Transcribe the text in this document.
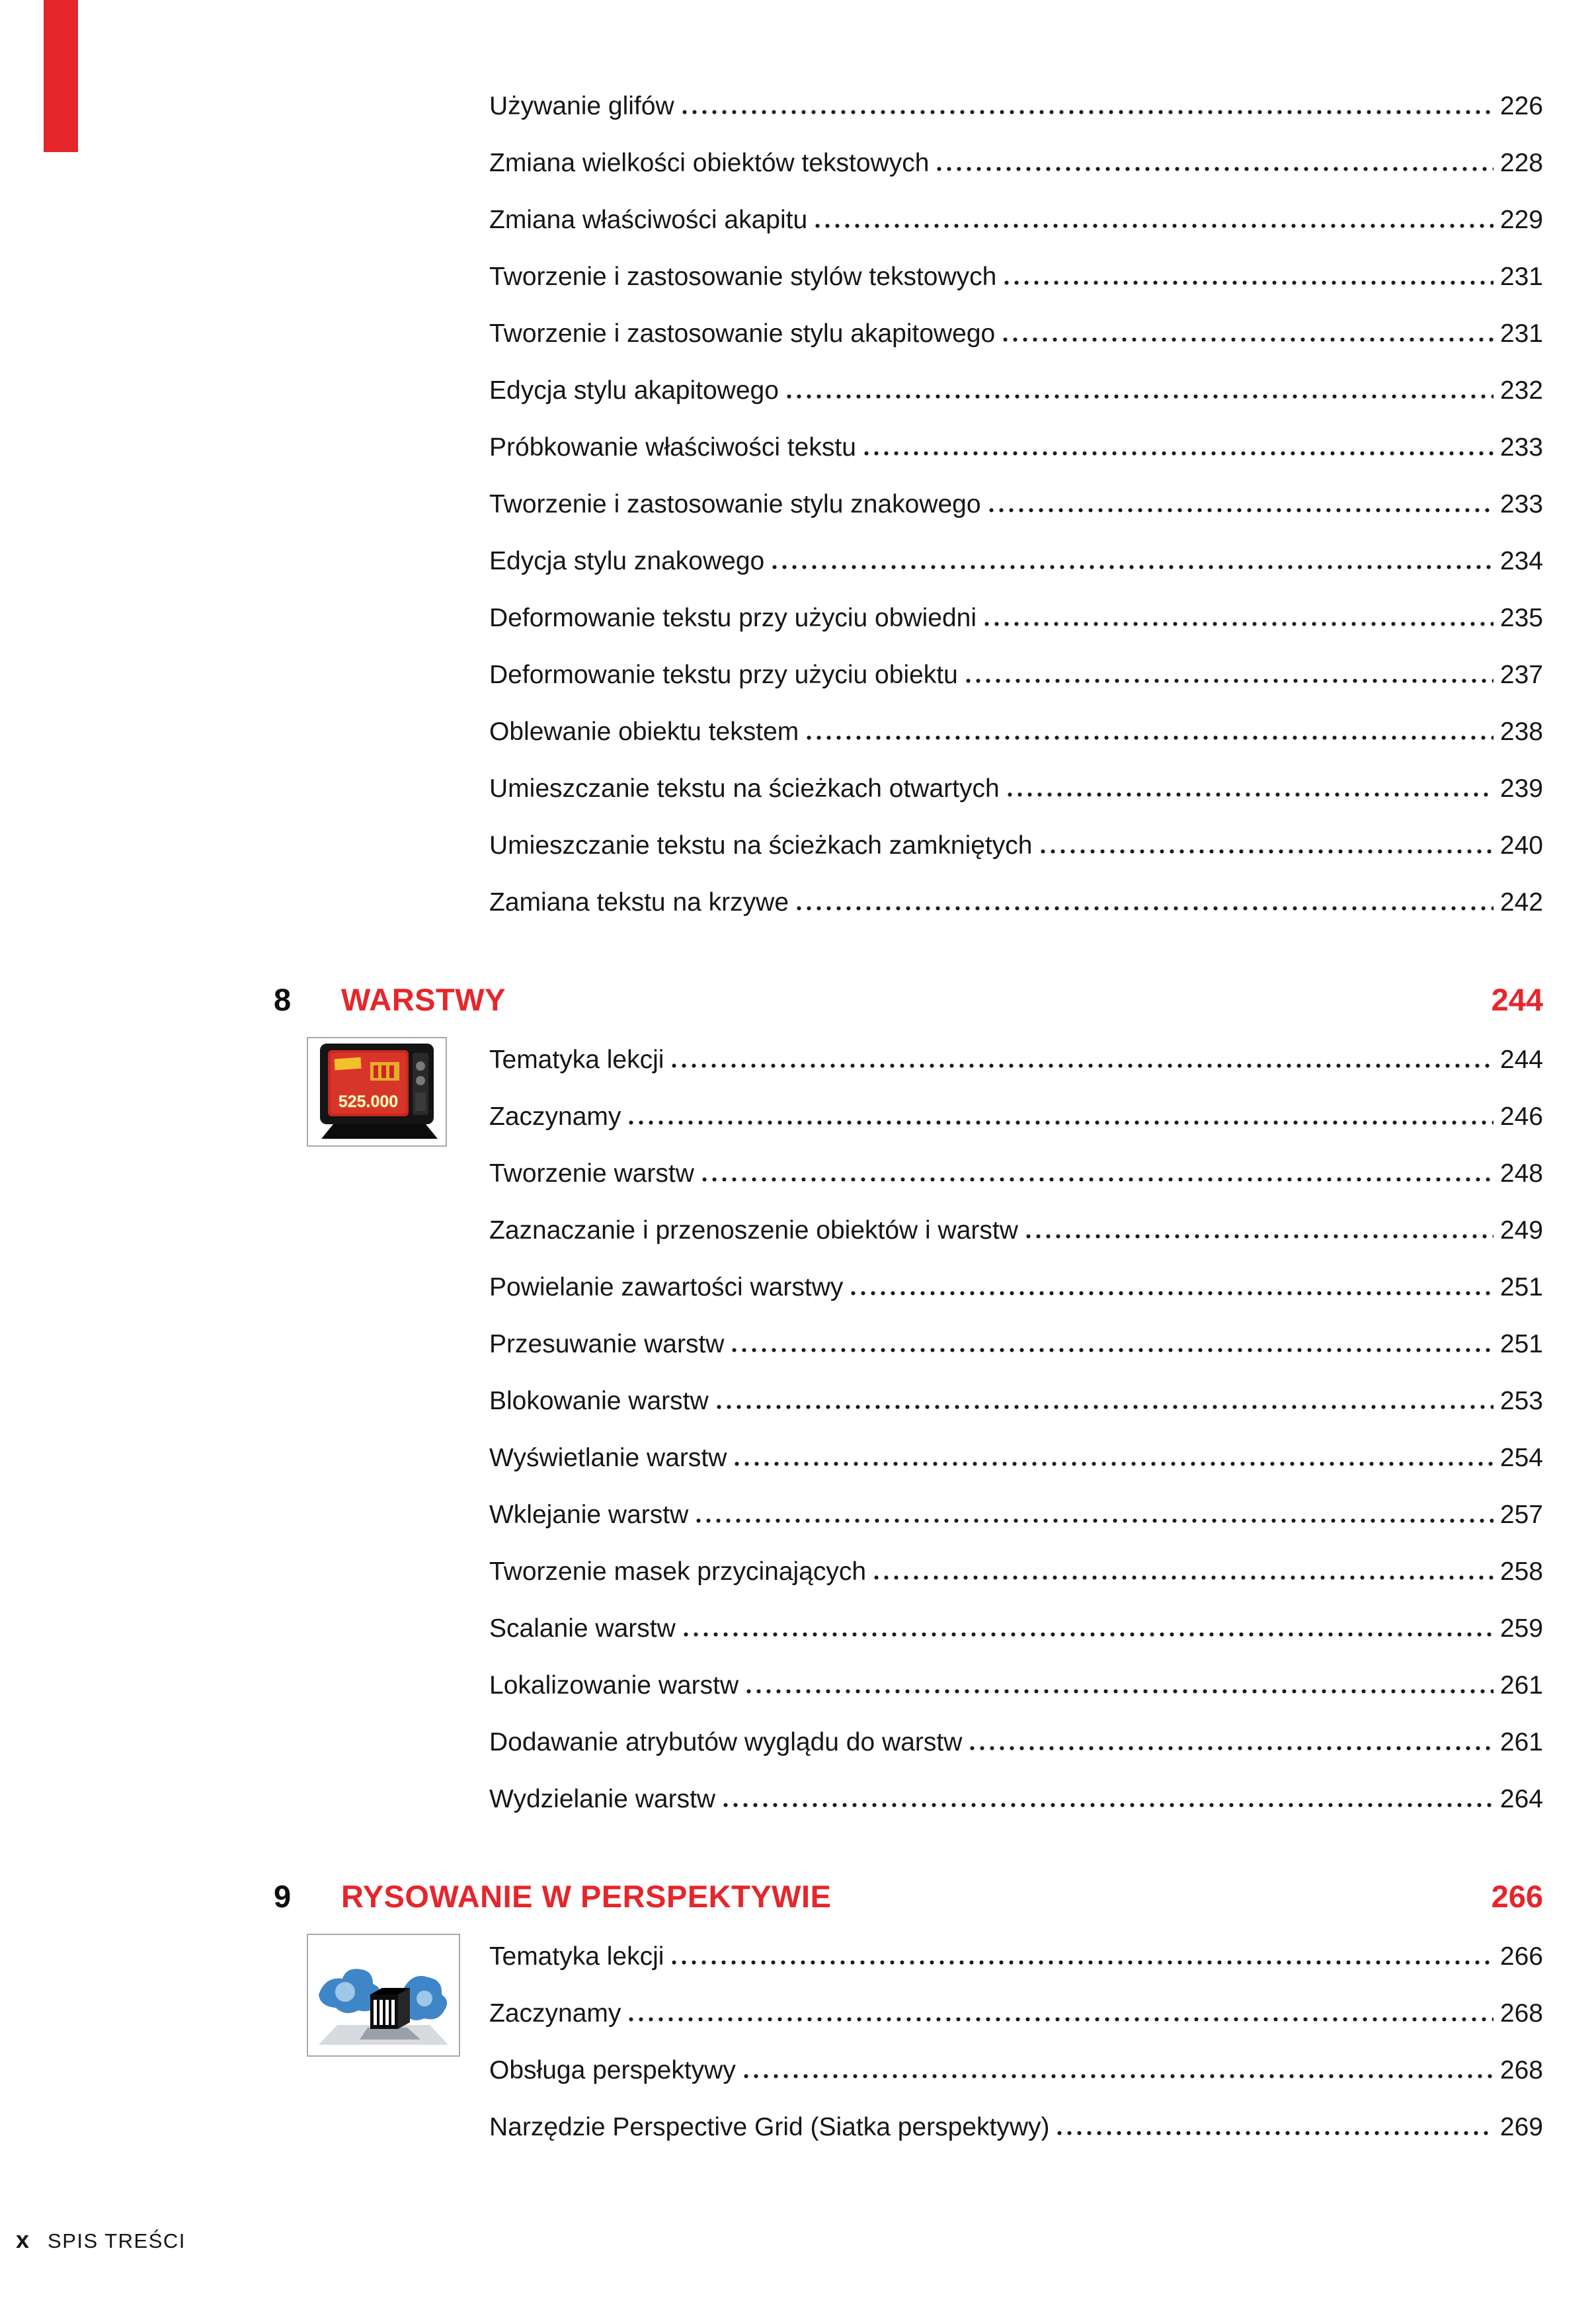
Używanie glifów	226
Zmiana wielkości obiektów tekstowych	228
Zmiana właściwości akapitu	229
Tworzenie i zastosowanie stylów tekstowych	231
Tworzenie i zastosowanie stylu akapitowego	231
Edycja stylu akapitowego	232
Próbkowanie właściwości tekstu	233
Tworzenie i zastosowanie stylu znakowego	233
Edycja stylu znakowego	234
Deformowanie tekstu przy użyciu obwiedni	235
Deformowanie tekstu przy użyciu obiektu	237
Oblewanie obiektu tekstem	238
Umieszczanie tekstu na ścieżkach otwartych	239
Umieszczanie tekstu na ścieżkach zamkniętych	240
Zamiana tekstu na krzywe	242
8 WARSTWY	244
525.000
Tematyka lekcji	244
Zaczynamy	246
Tworzenie warstw	248
Zaznaczanie i przenoszenie obiektów i warstw	249
Powielanie zawartości warstwy	251
Przesuwanie warstw	251
Blokowanie warstw	253
Wyświetlanie warstw	254
Wklejanie warstw	257
Tworzenie masek przycinających	258
Scalanie warstw	259
Lokalizowanie warstw	261
Dodawanie atrybutów wyglądu do warstw	261
Wydzielanie warstw	264
9 RYSOWANIE W PERSPEKTYWIE	266
Tematyka lekcji	266
Zaczynamy	268
Obsługa perspektywy	268
Narzędzie Perspective Grid (Siatka perspektywy)	269
x SPIS TREŚCI
